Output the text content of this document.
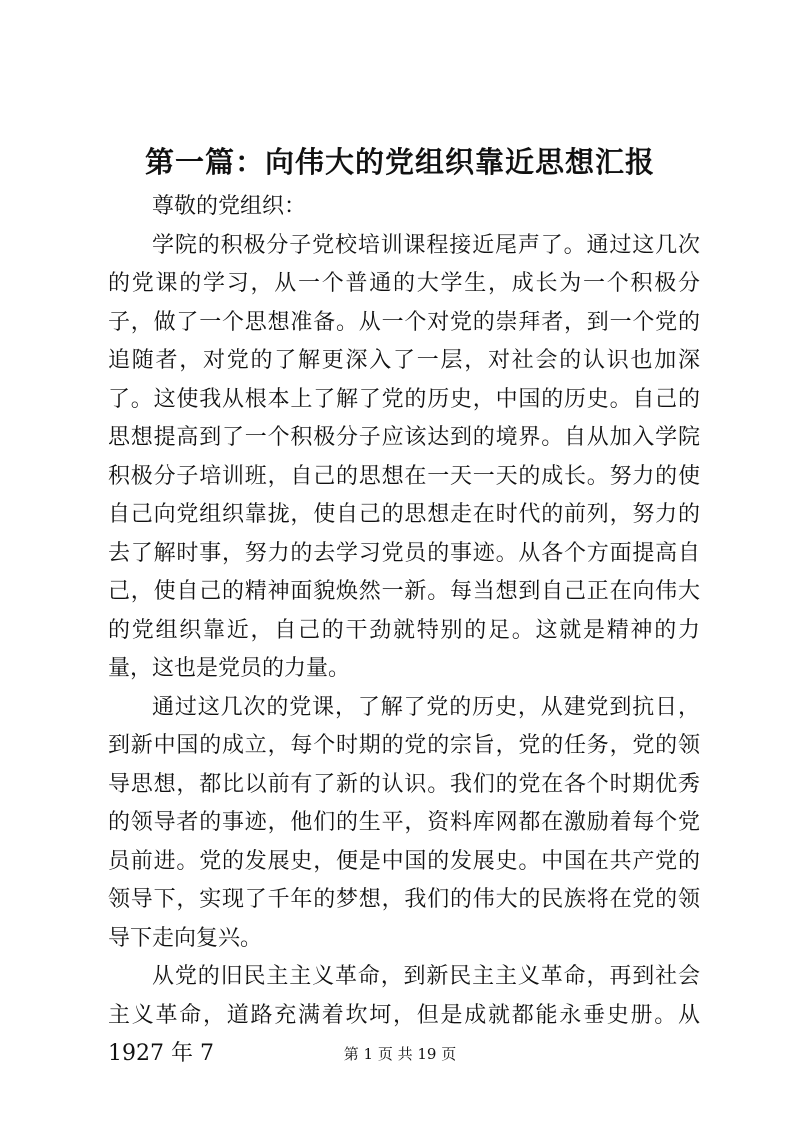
第一篇：向伟大的党组织靠近思想汇报

尊敬的党组织：

学院的积极分子党校培训课程接近尾声了。通过这几次的党课的学习，从一个普通的大学生，成长为一个积极分子，做了一个思想准备。从一个对党的崇拜者，到一个党的追随者，对党的了解更深入了一层，对社会的认识也加深了。这使我从根本上了解了党的历史，中国的历史。自己的思想提高到了一个积极分子应该达到的境界。自从加入学院积极分子培训班，自己的思想在一天一天的成长。努力的使自己向党组织靠拢，使自己的思想走在时代的前列，努力的去了解时事，努力的去学习党员的事迹。从各个方面提高自己，使自己的精神面貌焕然一新。每当想到自己正在向伟大的党组织靠近，自己的干劲就特别的足。这就是精神的力量，这也是党员的力量。

通过这几次的党课，了解了党的历史，从建党到抗日，到新中国的成立，每个时期的党的宗旨，党的任务，党的领导思想，都比以前有了新的认识。我们的党在各个时期优秀的领导者的事迹，他们的生平，资料库网都在激励着每个党员前进。党的发展史，便是中国的发展史。中国在共产党的领导下，实现了千年的梦想，我们的伟大的民族将在党的领导下走向复兴。

从党的旧民主主义革命，到新民主主义革命，再到社会主义革命，道路充满着坎坷，但是成就都能永垂史册。从 1927 年 7	第 1 页 共 19 页
